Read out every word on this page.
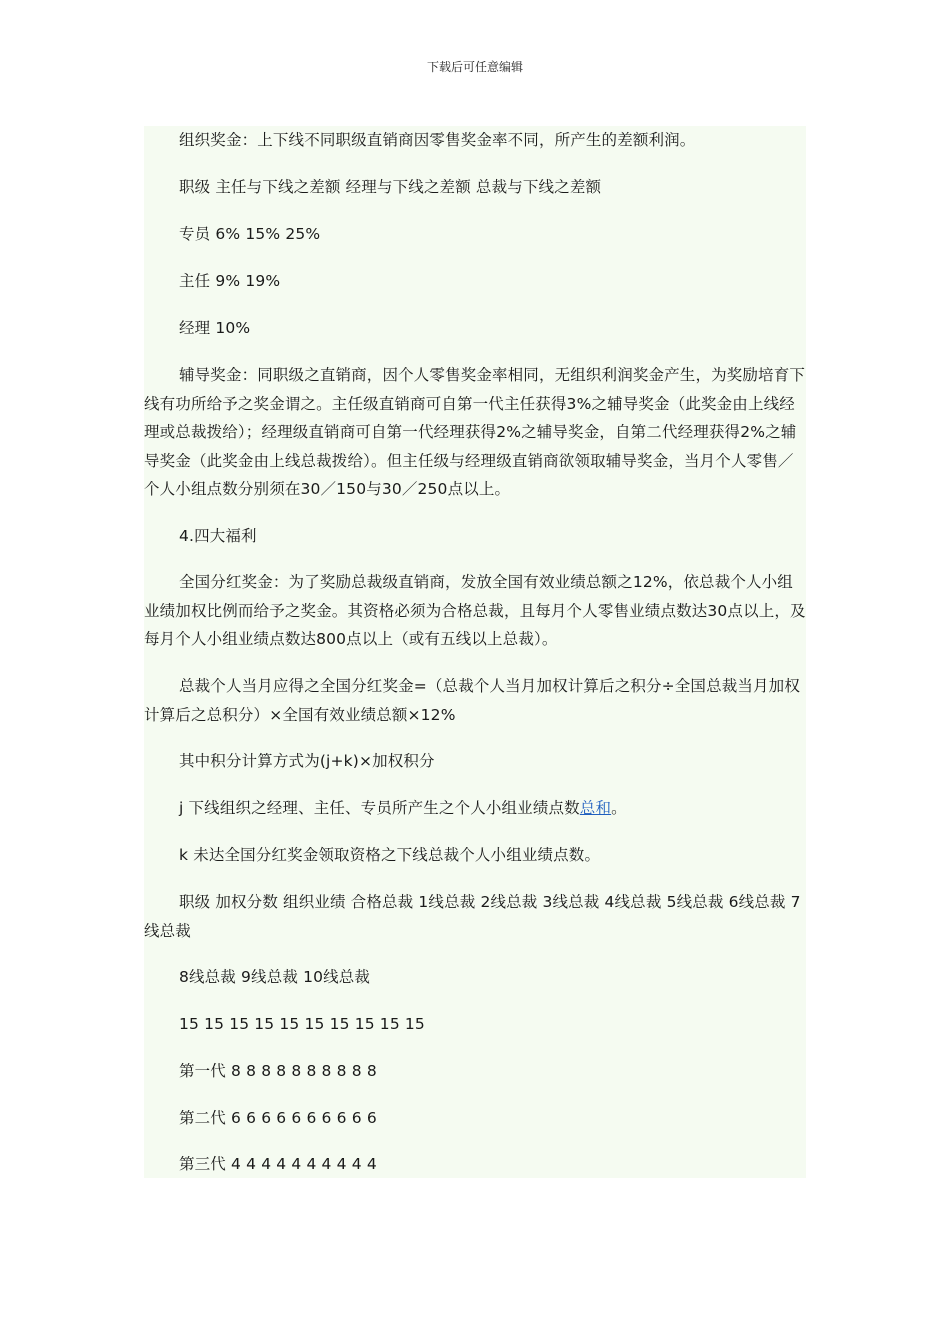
下载后可任意编辑

组织奖金：上下线不同职级直销商因零售奖金率不同，所产生的差额利润。

职级 主任与下线之差额 经理与下线之差额 总裁与下线之差额

专员 6% 15% 25%

主任 9% 19%

经理 10%

辅导奖金：同职级之直销商，因个人零售奖金率相同，无组织利润奖金产生，为奖励培育下线有功所给予之奖金谓之。主任级直销商可自第一代主任获得3%之辅导奖金（此奖金由上线经理或总裁拨给）；经理级直销商可自第一代经理获得2%之辅导奖金，自第二代经理获得2%之辅导奖金（此奖金由上线总裁拨给）。但主任级与经理级直销商欲领取辅导奖金，当月个人零售／个人小组点数分别须在30／150与30／250点以上。

4.四大福利

全国分红奖金：为了奖励总裁级直销商，发放全国有效业绩总额之12%，依总裁个人小组业绩加权比例而给予之奖金。其资格必须为合格总裁，且每月个人零售业绩点数达30点以上，及每月个人小组业绩点数达800点以上（或有五线以上总裁）。

总裁个人当月应得之全国分红奖金=（总裁个人当月加权计算后之积分÷全国总裁当月加权计算后之总积分）×全国有效业绩总额×12%

其中积分计算方式为(j+k)×加权积分

j 下线组织之经理、主任、专员所产生之个人小组业绩点数总和。

k 未达全国分红奖金领取资格之下线总裁个人小组业绩点数。

职级 加权分数 组织业绩 合格总裁 1线总裁 2线总裁 3线总裁 4线总裁 5线总裁 6线总裁 7线总裁

8线总裁 9线总裁 10线总裁

15 15 15 15 15 15 15 15 15 15

第一代 8 8 8 8 8 8 8 8 8 8

第二代 6 6 6 6 6 6 6 6 6 6

第三代 4 4 4 4 4 4 4 4 4 4
